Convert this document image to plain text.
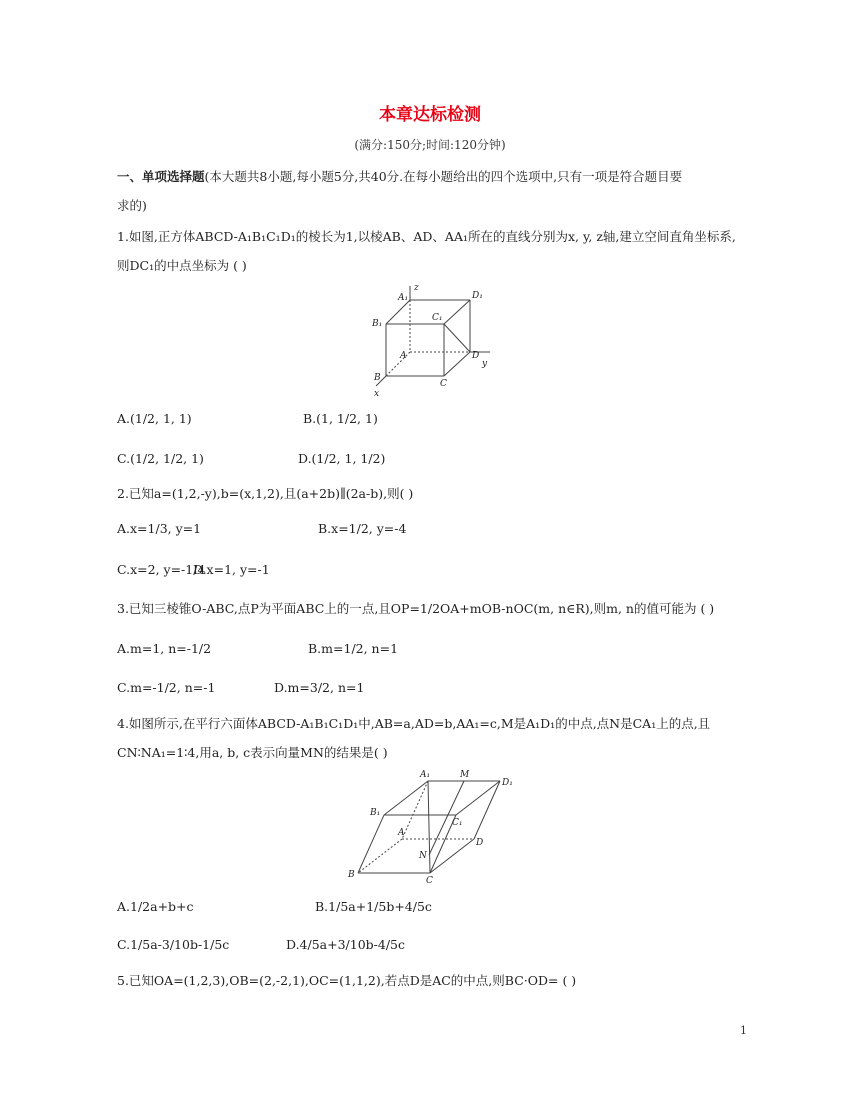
本章达标检测
(满分:150分;时间:120分钟)
一、单项选择题(本大题共8小题,每小题5分,共40分.在每小题给出的四个选项中,只有一项是符合题目要
求的)
1.如图,正方体ABCD-A₁B₁C₁D₁的棱长为1,以棱AB、AD、AA₁所在的直线分别为x, y, z轴,建立空间直角坐标系,
则DC₁的中点坐标为 ( )
A₁	D₁
B₁
C₁
A	D
B
C
x
y
z
A.(1/2, 1, 1)	B.(1, 1/2, 1)
C.(1/2, 1/2, 1)	D.(1/2, 1, 1/2)
2.已知a=(1,2,-y),b=(x,1,2),且(a+2b)∥(2a-b),则( )
A.x=1/3, y=1	B.x=1/2, y=-4
C.x=2, y=-1/4
D.x=1, y=-1
3.已知三棱锥O-ABC,点P为平面ABC上的一点,且OP=1/2OA+mOB-nOC(m, n∈R),则m, n的值可能为 ( )
A.m=1, n=-1/2	B.m=1/2, n=1
C.m=-1/2, n=-1	D.m=3/2, n=1
4.如图所示,在平行六面体ABCD-A₁B₁C₁D₁中,AB=a,AD=b,AA₁=c,M是A₁D₁的中点,点N是CA₁上的点,且
CN∶NA₁=1∶4,用a, b, c表示向量MN的结果是( )
A₁	M
D₁
B₁
C₁
A
D
N
B
C
A.1/2a+b+c	B.1/5a+1/5b+4/5c
C.1/5a-3/10b-1/5c	D.4/5a+3/10b-4/5c
5.已知OA=(1,2,3),OB=(2,-2,1),OC=(1,1,2),若点D是AC的中点,则BC·OD= ( )
1
